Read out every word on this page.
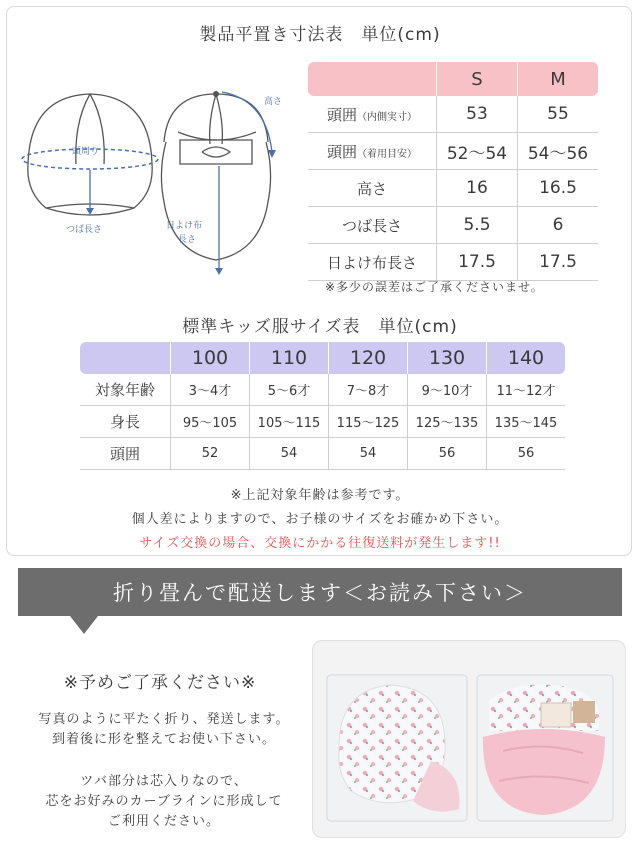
製品平置き寸法表　単位(cm)
頭周り
つば長さ
高さ
日よけ布
長さ
	S	M
頭囲（内側実寸）	53	55
頭囲（着用目安）	52〜54	54〜56
高さ	16	16.5
つば長さ	5.5	6
日よけ布長さ	17.5	17.5
※多少の誤差はご了承くださいませ。
標準キッズ服サイズ表　単位(cm)
	100	110	120	130	140
対象年齢	3〜4才	5〜6才	7〜8才	9〜10才	11〜12才
身長	95〜105	105〜115	115〜125	125〜135	135〜145
頭囲	52	54	54	56	56
※上記対象年齢は参考です。
個人差によりますので、お子様のサイズをお確かめ下さい。
サイズ交換の場合、交換にかかる往復送料が発生します!!
折り畳んで配送します＜お読み下さい＞
※予めご了承ください※
写真のように平たく折り、発送します。
到着後に形を整えてお使い下さい。
ツバ部分は芯入りなので、
芯をお好みのカーブラインに形成して
ご利用ください。
